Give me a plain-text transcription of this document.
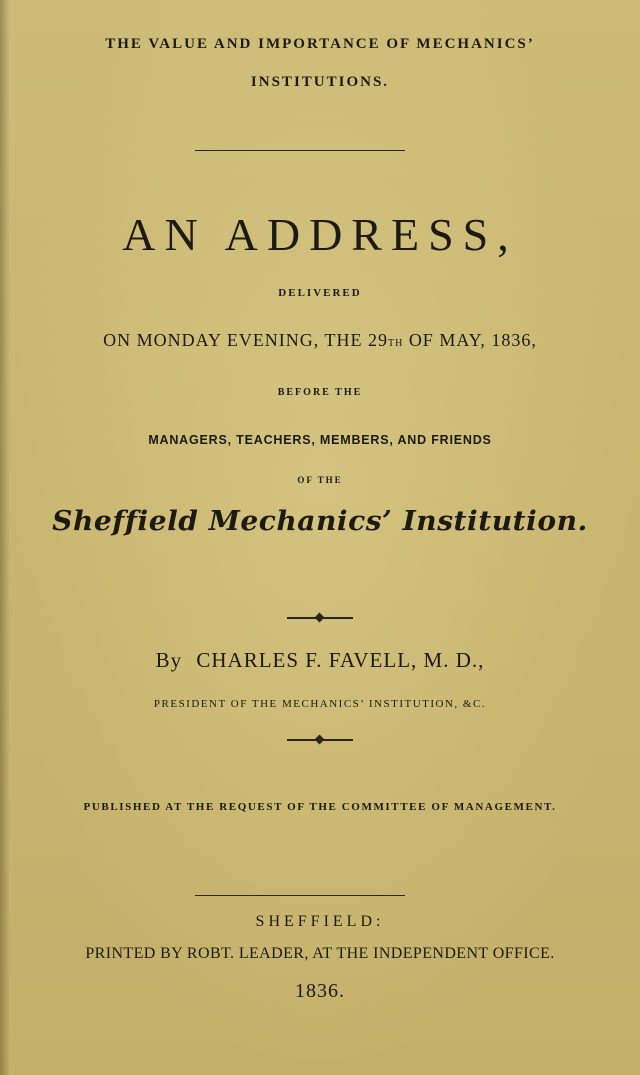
THE VALUE AND IMPORTANCE OF MECHANICS’
INSTITUTIONS.
AN ADDRESS,
DELIVERED
ON MONDAY EVENING, THE 29TH OF MAY, 1836,
BEFORE THE
MANAGERS, TEACHERS, MEMBERS, AND FRIENDS
OF THE
Sheffield Mechanics’ Institution.
By CHARLES F. FAVELL, M. D.,
PRESIDENT OF THE MECHANICS’ INSTITUTION, &C.
PUBLISHED AT THE REQUEST OF THE COMMITTEE OF MANAGEMENT.
SHEFFIELD:
PRINTED BY ROBT. LEADER, AT THE INDEPENDENT OFFICE.
1836.
